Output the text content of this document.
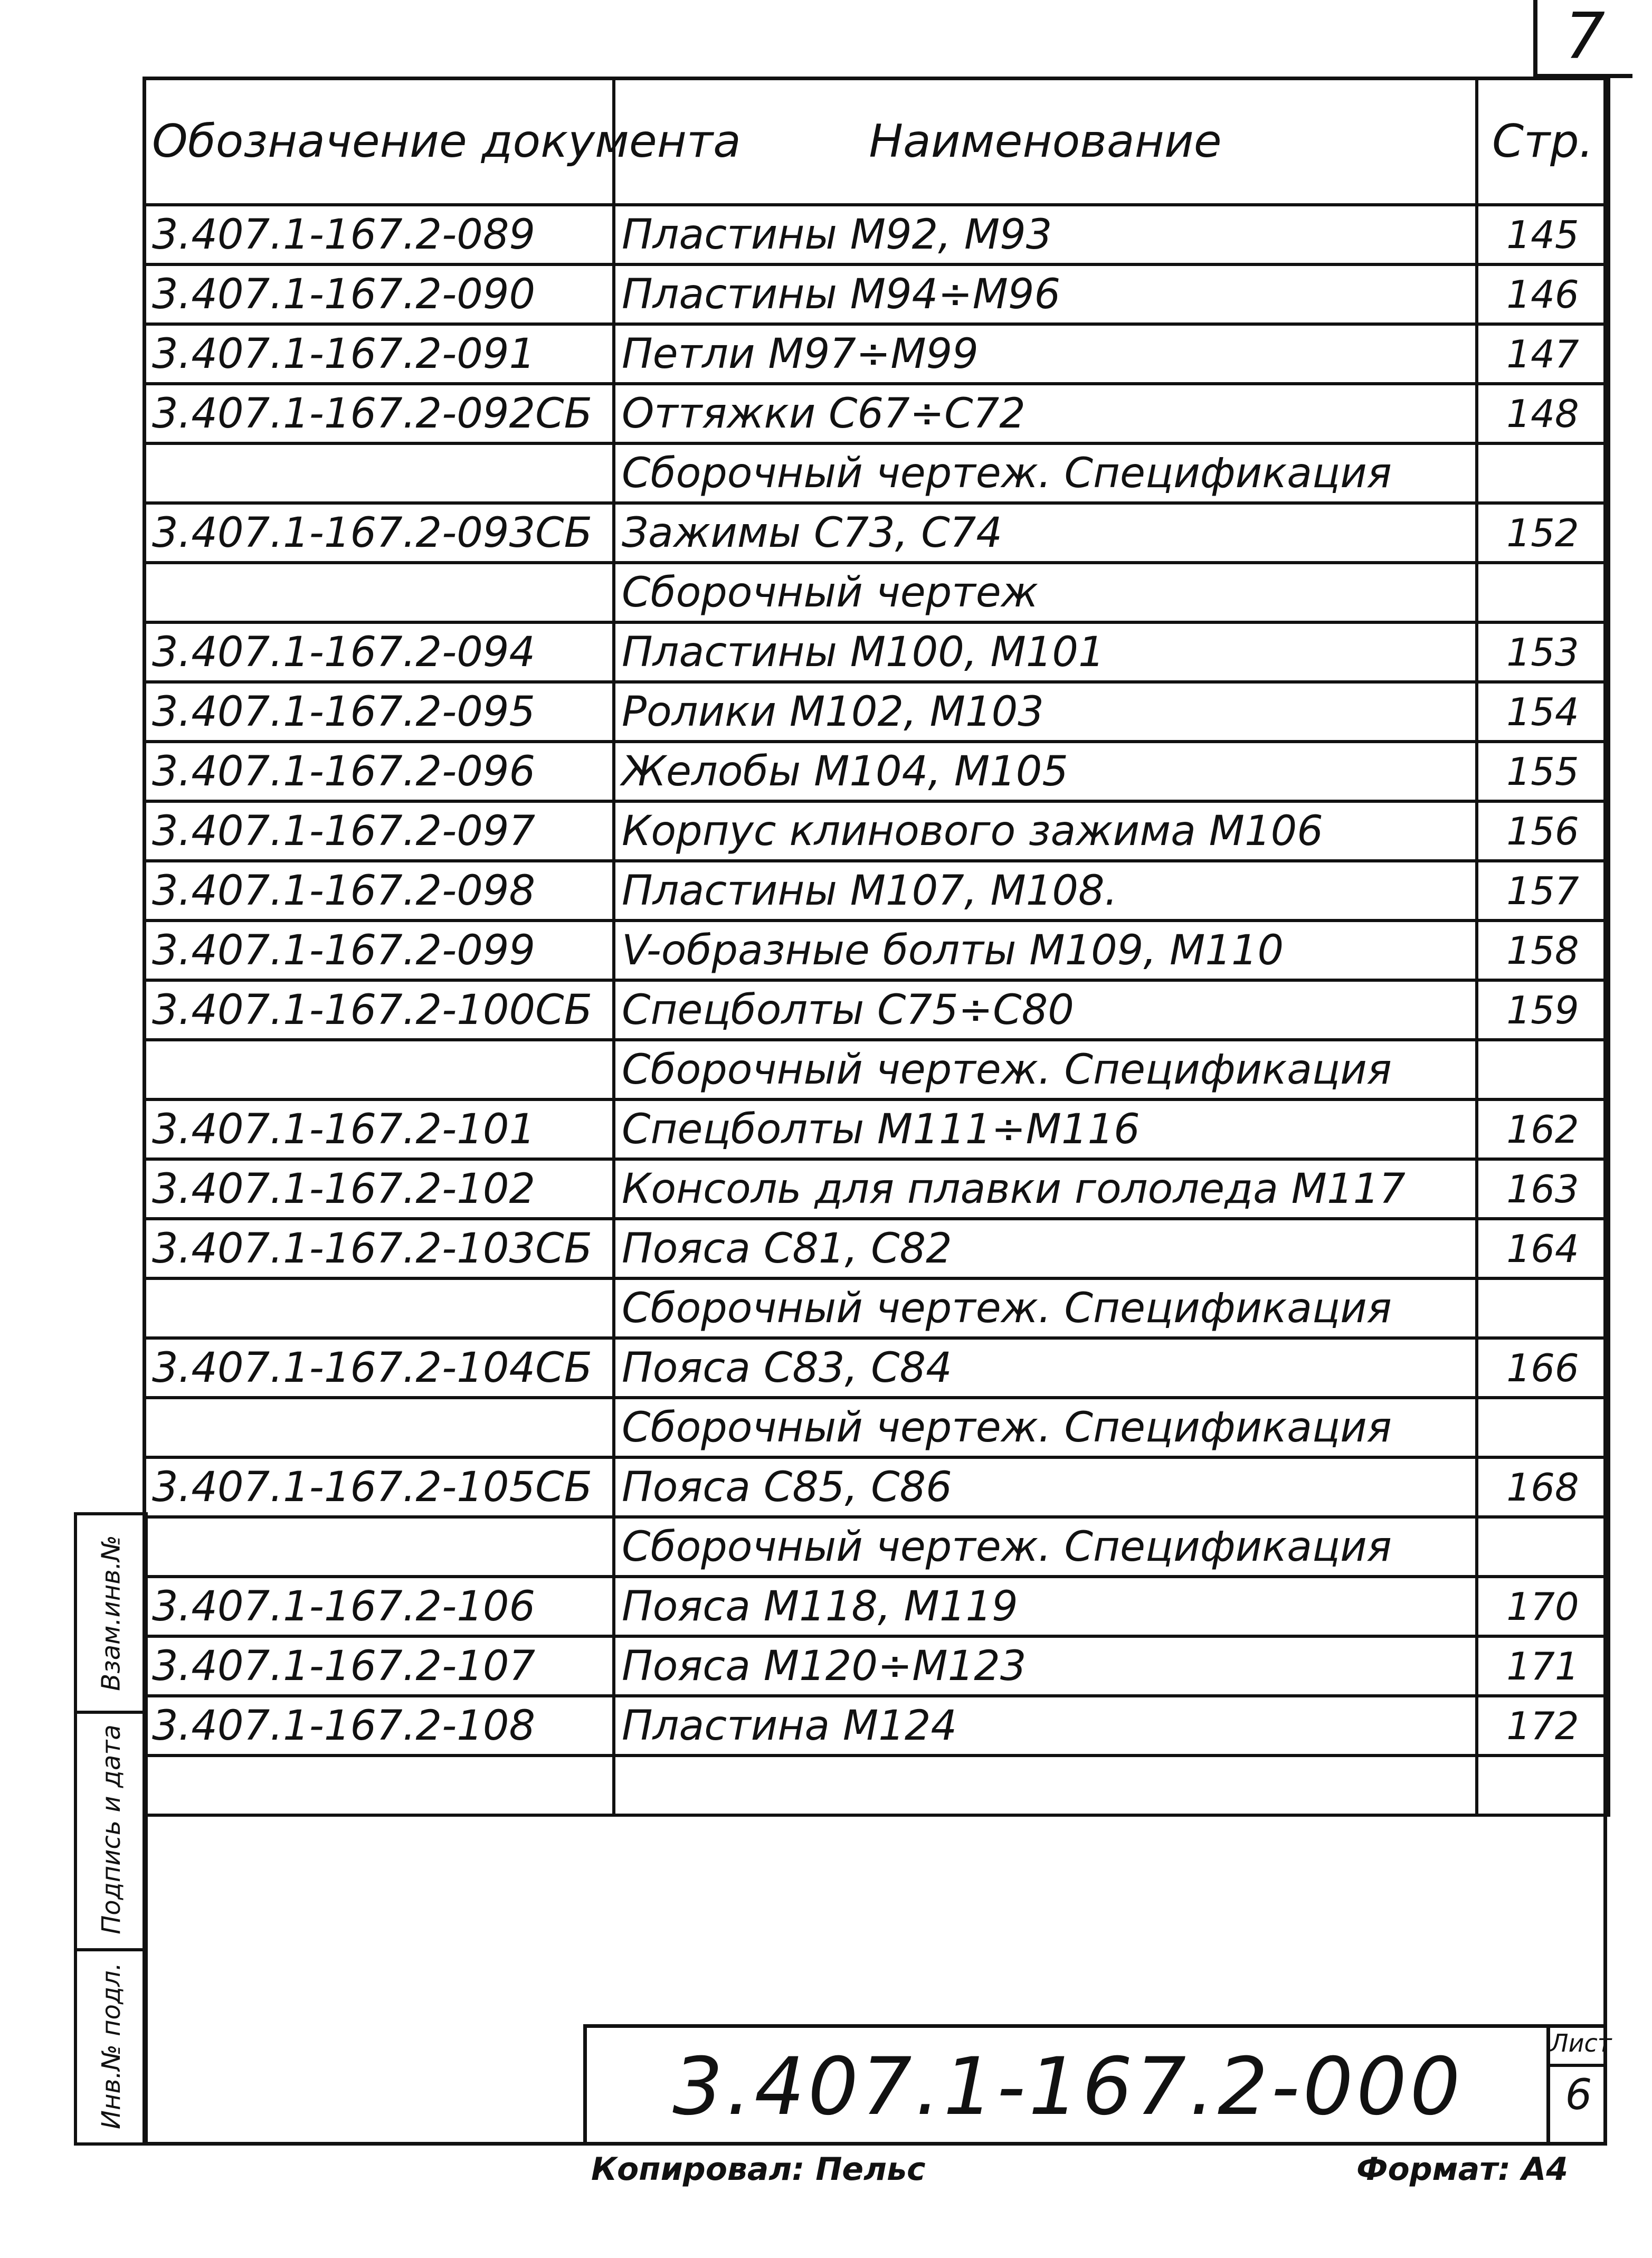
7
Обозначение документа	Наименование	Стр.
3.407.1-167.2-089	Пластины М92, М93	145
3.407.1-167.2-090	Пластины М94÷М96	146
3.407.1-167.2-091	Петли М97÷М99	147
3.407.1-167.2-092СБ	Оттяжки С67÷С72	148
	Сборочный чертеж. Спецификация	
3.407.1-167.2-093СБ	Зажимы С73, С74	152
	Сборочный чертеж	
3.407.1-167.2-094	Пластины М100, М101	153
3.407.1-167.2-095	Ролики М102, М103	154
3.407.1-167.2-096	Желобы М104, М105	155
3.407.1-167.2-097	Корпус клинового зажима М106	156
3.407.1-167.2-098	Пластины М107, М108.	157
3.407.1-167.2-099	V-образные болты М109, М110	158
3.407.1-167.2-100СБ	Спецболты С75÷С80	159
	Сборочный чертеж. Спецификация	
3.407.1-167.2-101	Спецболты М111÷М116	162
3.407.1-167.2-102	Консоль для плавки гололеда М117	163
3.407.1-167.2-103СБ	Пояса С81, С82	164
	Сборочный чертеж. Спецификация	
3.407.1-167.2-104СБ	Пояса С83, С84	166
	Сборочный чертеж. Спецификация	
3.407.1-167.2-105СБ	Пояса С85, С86	168
	Сборочный чертеж. Спецификация	
3.407.1-167.2-106	Пояса М118, М119	170
3.407.1-167.2-107	Пояса М120÷М123	171
3.407.1-167.2-108	Пластина М124	172

Взам.инв.№
Подпись и дата
Инв.№ подл.	3.407.1-167.2-000	Лист
6
Копировал: Пельс	Формат: А4
